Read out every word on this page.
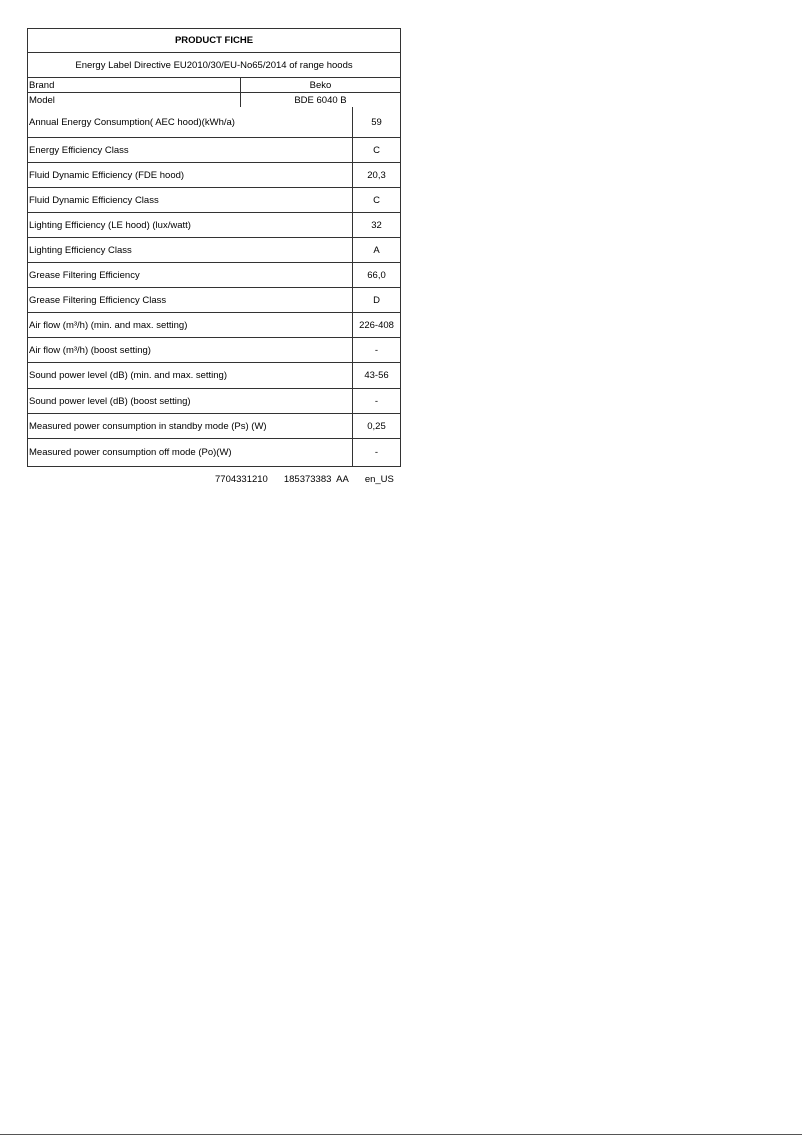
PRODUCT FICHE
Energy Label Directive EU2010/30/EU-No65/2014 of range hoods
Brand	Beko
Model	BDE 6040 B
Annual Energy Consumption( AEC hood)(kWh/a)	59
Energy Efficiency Class	C
Fluid Dynamic Efficiency (FDE hood)	20,3
Fluid Dynamic Efficiency Class	C
Lighting Efficiency (LE hood) (lux/watt)	32
Lighting Efficiency Class	A
Grease Filtering Efficiency	66,0
Grease Filtering Efficiency Class	D
Air flow (m³/h) (min. and max. setting)	226-408
Air flow (m³/h) (boost setting)	-
Sound power level (dB) (min. and max. setting)	43-56
Sound power level (dB) (boost setting)	-
Measured power consumption in standby mode (Ps) (W)	0,25
Measured power consumption off mode (Po)(W)	-
7704331210 185373383  AA en_US
